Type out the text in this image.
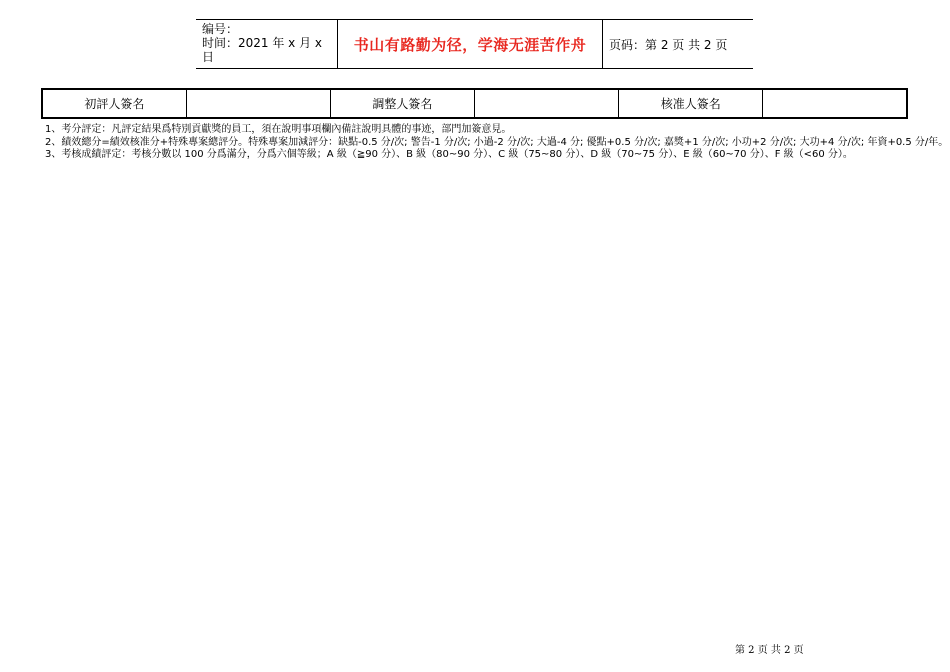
编号：
时间：2021 年 x 月 x 日
书山有路勤为径，学海无涯苦作舟	页码：第 2 页 共 2 页
初評人簽名		調整人簽名		核准人簽名	
1、考分評定：凡評定結果爲特別貢獻獎的員工，須在說明事項欄內備註說明具體的事迹，部門加簽意見。
2、績效總分=績效核准分+特殊專案總評分。特殊專案加減評分：缺點-0.5 分/次; 警告-1 分/次; 小過-2 分/次; 大過-4 分; 優點+0.5 分/次; 嘉獎+1 分/次; 小功+2 分/次; 大功+4 分/次; 年資+0.5 分/年。
3、考核成績評定：考核分數以 100 分爲滿分，分爲六個等級；A 級（≧90 分）、B 級（80~90 分）、C 級（75~80 分）、D 級（70~75 分）、E 級（60~70 分）、F 級（<60 分）。
第 2 页 共 2 页
